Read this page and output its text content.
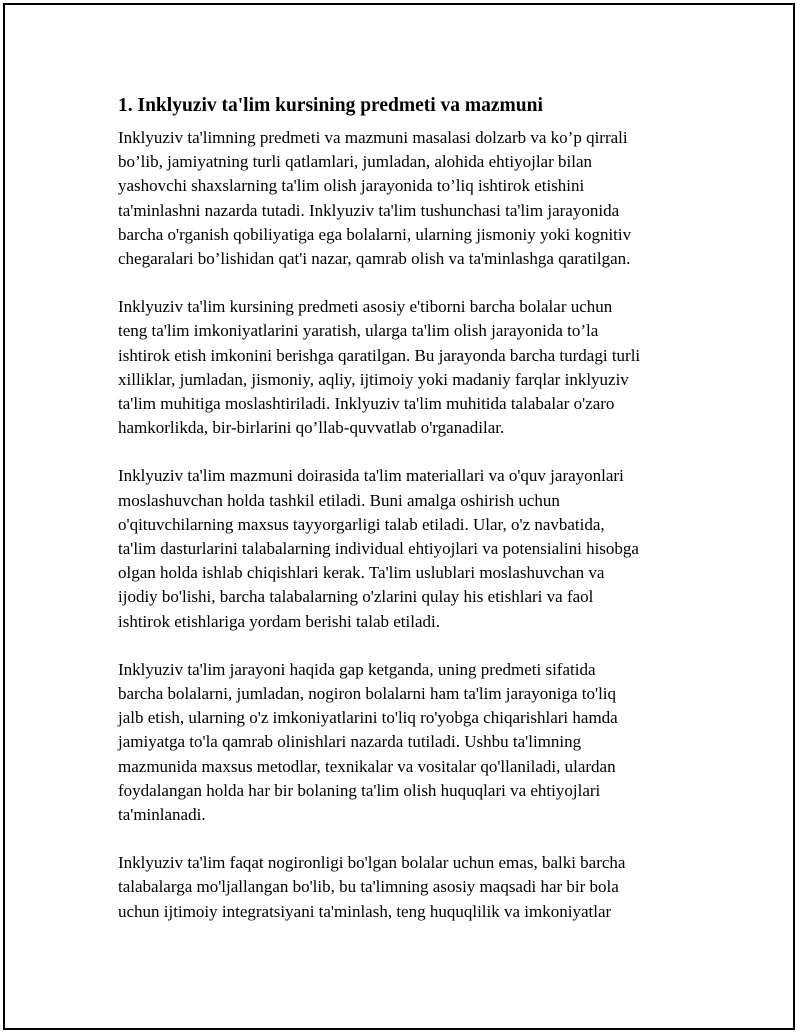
1. Inklyuziv ta'lim kursining predmeti va mazmuni
Inklyuziv ta'limning predmeti va mazmuni masalasi dolzarb va ko’p qirrali
bo’lib, jamiyatning turli qatlamlari, jumladan, alohida ehtiyojlar bilan
yashovchi shaxslarning ta'lim olish jarayonida to’liq ishtirok etishini
ta'minlashni nazarda tutadi. Inklyuziv ta'lim tushunchasi ta'lim jarayonida
barcha o'rganish qobiliyatiga ega bolalarni, ularning jismoniy yoki kognitiv
chegaralari bo’lishidan qat'i nazar, qamrab olish va ta'minlashga qaratilgan.
Inklyuziv ta'lim kursining predmeti asosiy e'tiborni barcha bolalar uchun
teng ta'lim imkoniyatlarini yaratish, ularga ta'lim olish jarayonida to’la
ishtirok etish imkonini berishga qaratilgan. Bu jarayonda barcha turdagi turli
xilliklar, jumladan, jismoniy, aqliy, ijtimoiy yoki madaniy farqlar inklyuziv
ta'lim muhitiga moslashtiriladi. Inklyuziv ta'lim muhitida talabalar o'zaro
hamkorlikda, bir-birlarini qo’llab-quvvatlab o'rganadilar.
Inklyuziv ta'lim mazmuni doirasida ta'lim materiallari va o'quv jarayonlari
moslashuvchan holda tashkil etiladi. Buni amalga oshirish uchun
o'qituvchilarning maxsus tayyorgarligi talab etiladi. Ular, o'z navbatida,
ta'lim dasturlarini talabalarning individual ehtiyojlari va potensialini hisobga
olgan holda ishlab chiqishlari kerak. Ta'lim uslublari moslashuvchan va
ijodiy bo'lishi, barcha talabalarning o'zlarini qulay his etishlari va faol
ishtirok etishlariga yordam berishi talab etiladi.
Inklyuziv ta'lim jarayoni haqida gap ketganda, uning predmeti sifatida
barcha bolalarni, jumladan, nogiron bolalarni ham ta'lim jarayoniga to'liq
jalb etish, ularning o'z imkoniyatlarini to'liq ro'yobga chiqarishlari hamda
jamiyatga to'la qamrab olinishlari nazarda tutiladi. Ushbu ta'limning
mazmunida maxsus metodlar, texnikalar va vositalar qo'llaniladi, ulardan
foydalangan holda har bir bolaning ta'lim olish huquqlari va ehtiyojlari
ta'minlanadi.
Inklyuziv ta'lim faqat nogironligi bo'lgan bolalar uchun emas, balki barcha
talabalarga mo'ljallangan bo'lib, bu ta'limning asosiy maqsadi har bir bola
uchun ijtimoiy integratsiyani ta'minlash, teng huquqlilik va imkoniyatlar
